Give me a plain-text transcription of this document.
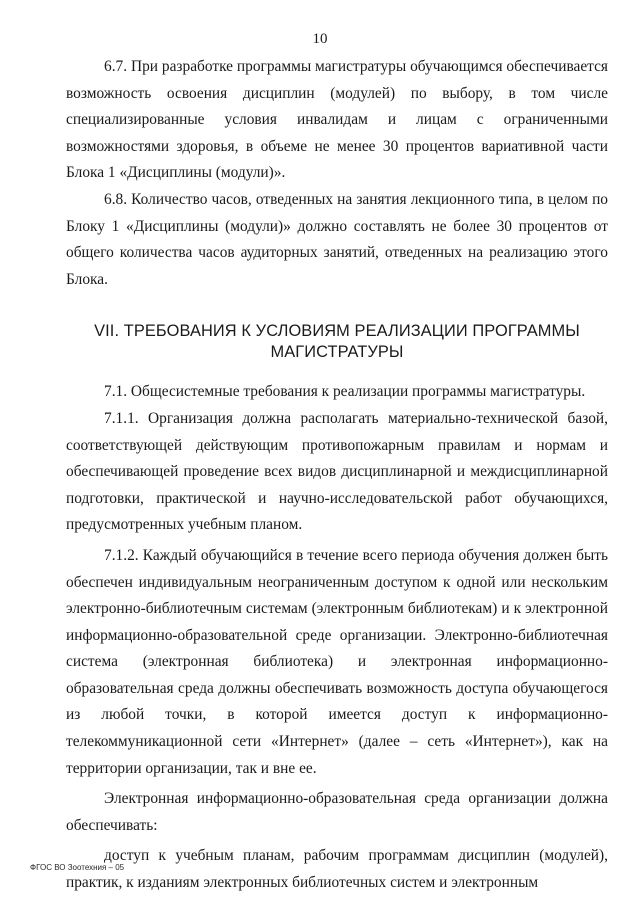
10

6.7. При разработке программы магистратуры обучающимся обеспечивается возможность освоения дисциплин (модулей) по выбору, в том числе специализированные условия инвалидам и лицам с ограниченными возможностями здоровья, в объеме не менее 30 процентов вариативной части Блока 1 «Дисциплины (модули)».

6.8. Количество часов, отведенных на занятия лекционного типа, в целом по Блоку 1 «Дисциплины (модули)» должно составлять не более 30 процентов от общего количества часов аудиторных занятий, отведенных на реализацию этого Блока.

VII. ТРЕБОВАНИЯ К УСЛОВИЯМ РЕАЛИЗАЦИИ ПРОГРАММЫ
МАГИСТРАТУРЫ

7.1. Общесистемные требования к реализации программы магистратуры.

7.1.1. Организация должна располагать материально-технической базой, соответствующей действующим противопожарным правилам и нормам и обеспечивающей проведение всех видов дисциплинарной и междисциплинарной подготовки, практической и научно-исследовательской работ обучающихся, предусмотренных учебным планом.

7.1.2. Каждый обучающийся в течение всего периода обучения должен быть обеспечен индивидуальным неограниченным доступом к одной или нескольким электронно-библиотечным системам (электронным библиотекам) и к электронной информационно-образовательной среде организации. Электронно-библиотечная система (электронная библиотека) и электронная информационно-образовательная среда должны обеспечивать возможность доступа обучающегося из любой точки, в которой имеется доступ к информационно-телекоммуникационной сети «Интернет» (далее – сеть «Интернет»), как на территории организации, так и вне ее.

Электронная информационно-образовательная среда организации должна обеспечивать:

доступ к учебным планам, рабочим программам дисциплин (модулей), практик, к изданиям электронных библиотечных систем и электронным

ФГОС ВО Зоотехния – 05
